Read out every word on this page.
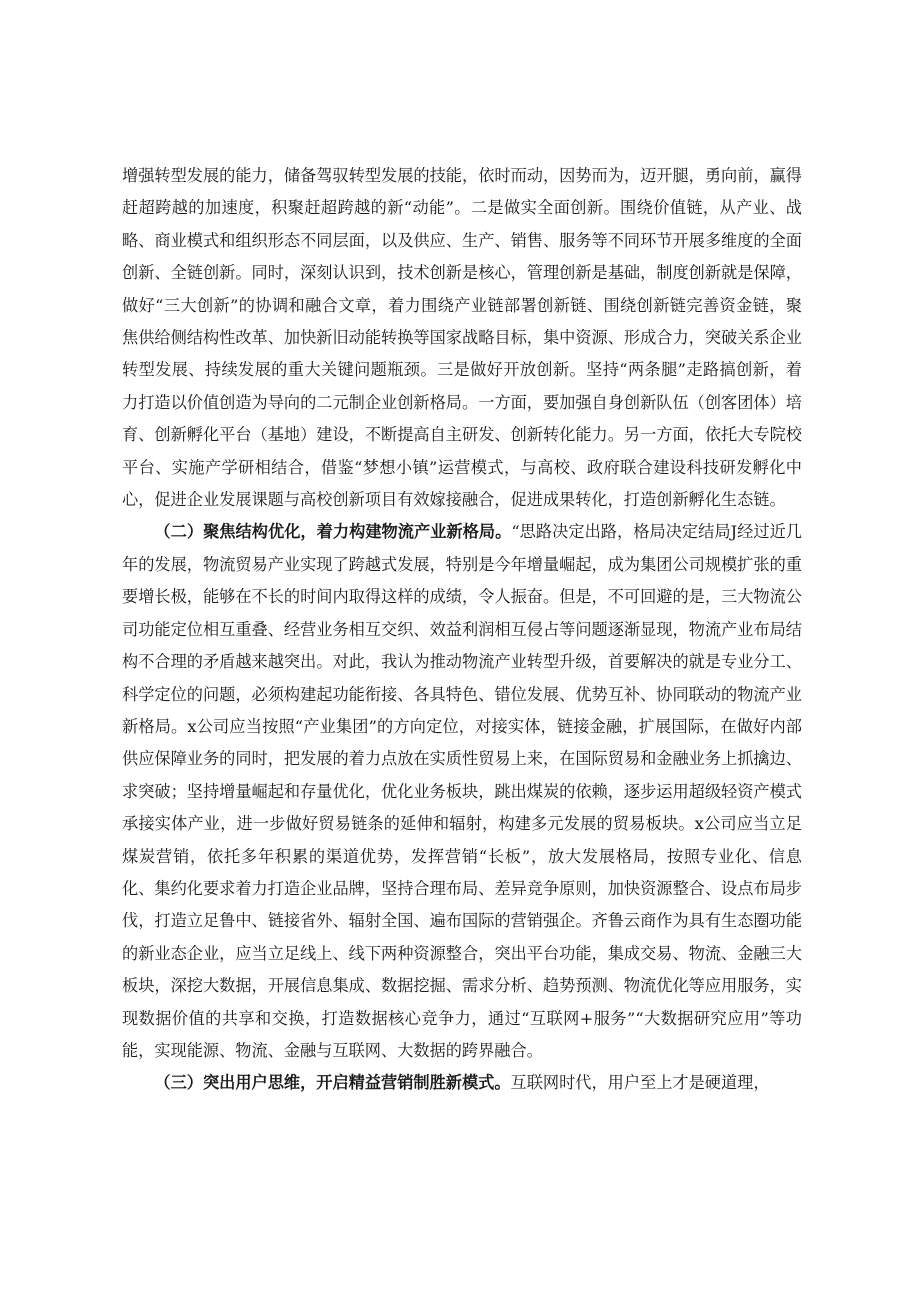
增强转型发展的能力，储备驾驭转型发展的技能，依时而动，因势而为，迈开腿，勇向前，赢得赶超跨越的加速度，积聚赶超跨越的新“动能”。二是做实全面创新。围绕价值链，从产业、战略、商业模式和组织形态不同层面，以及供应、生产、销售、服务等不同环节开展多维度的全面创新、全链创新。同时，深刻认识到，技术创新是核心，管理创新是基础，制度创新就是保障，做好“三大创新”的协调和融合文章，着力围绕产业链部署创新链、围绕创新链完善资金链，聚焦供给侧结构性改革、加快新旧动能转换等国家战略目标，集中资源、形成合力，突破关系企业转型发展、持续发展的重大关键问题瓶颈。三是做好开放创新。坚持“两条腿”走路搞创新，着力打造以价值创造为导向的二元制企业创新格局。一方面，要加强自身创新队伍（创客团体）培育、创新孵化平台（基地）建设，不断提高自主研发、创新转化能力。另一方面，依托大专院校平台、实施产学研相结合，借鉴“梦想小镇”运营模式，与高校、政府联合建设科技研发孵化中心，促进企业发展课题与高校创新项目有效嫁接融合，促进成果转化，打造创新孵化生态链。

（二）聚焦结构优化，着力构建物流产业新格局。“思路决定出路，格局决定结局J经过近几年的发展，物流贸易产业实现了跨越式发展，特别是今年增量崛起，成为集团公司规模扩张的重要增长极，能够在不长的时间内取得这样的成绩，令人振奋。但是，不可回避的是，三大物流公司功能定位相互重叠、经营业务相互交织、效益利润相互侵占等问题逐渐显现，物流产业布局结构不合理的矛盾越来越突出。对此，我认为推动物流产业转型升级，首要解决的就是专业分工、科学定位的问题，必须构建起功能衔接、各具特色、错位发展、优势互补、协同联动的物流产业新格局。x公司应当按照“产业集团”的方向定位，对接实体，链接金融，扩展国际，在做好内部供应保障业务的同时，把发展的着力点放在实质性贸易上来，在国际贸易和金融业务上抓擒边、求突破；坚持增量崛起和存量优化，优化业务板块，跳出煤炭的依赖，逐步运用超级轻资产模式承接实体产业，进一步做好贸易链条的延伸和辐射，构建多元发展的贸易板块。x公司应当立足煤炭营销，依托多年积累的渠道优势，发挥营销“长板”，放大发展格局，按照专业化、信息化、集约化要求着力打造企业品牌，坚持合理布局、差异竞争原则，加快资源整合、设点布局步伐，打造立足鲁中、链接省外、辐射全国、遍布国际的营销强企。齐鲁云商作为具有生态圈功能的新业态企业，应当立足线上、线下两种资源整合，突出平台功能，集成交易、物流、金融三大板块，深挖大数据，开展信息集成、数据挖掘、需求分析、趋势预测、物流优化等应用服务，实现数据价值的共享和交换，打造数据核心竞争力，通过“互联网+服务”“大数据研究应用”等功能，实现能源、物流、金融与互联网、大数据的跨界融合。

（三）突出用户思维，开启精益营销制胜新模式。互联网时代，用户至上才是硬道理，
